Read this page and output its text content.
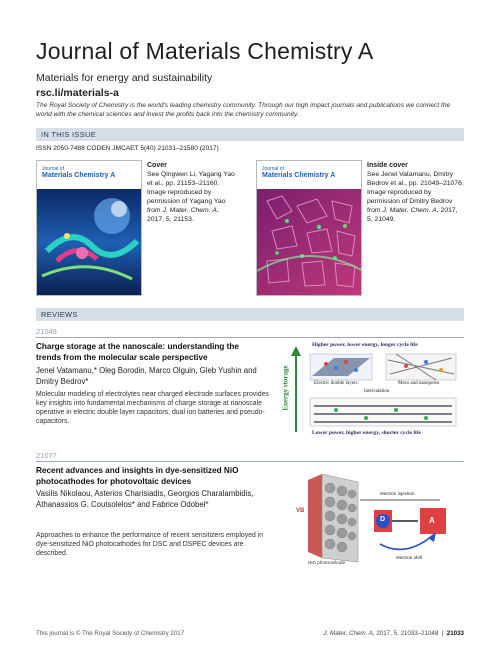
Journal of Materials Chemistry A
Materials for energy and sustainability
rsc.li/materials-a
The Royal Society of Chemistry is the world's leading chemistry community. Through our high impact journals and publications we connect the world with the chemical sciences and invest the profits back into the chemistry community.
IN THIS ISSUE
ISSN 2050-7488 CODEN JMCAET 5(40) 21031–21580 (2017)
Journal of
Materials Chemistry A
Cover
See Qingwen Li, Yagang Yao et al., pp. 21153–21160. Image reproduced by permission of Yagang Yao from J. Mater. Chem. A, 2017, 5, 21153.
Journal of
Materials Chemistry A
Inside cover
See Jenel Vatamanu, Dmitry Bedrov et al., pp. 21049–21076. Image reproduced by permission of Dmitry Bedrov from J. Mater. Chem. A, 2017, 5, 21049.
REVIEWS
21049
Charge storage at the nanoscale: understanding the trends from the molecular scale perspective
Jenel Vatamanu,* Oleg Borodin, Marco Olguin, Gleb Yushin and Dmitry Bedrov*
Molecular modeling of electrolytes near charged electrode surfaces provides key insights into fundamental mechanisms of charge storage at nanoscale operative in electric double layer capacitors, dual ion batteries and pseudo-capacitors.
Higher power, lower energy, longer cycle life
Electric double layers	Meso and nanopores
Intercalation
Lower power, higher energy, shorter cycle life
Energy storage
21077
Recent advances and insights in dye-sensitized NiO photocathodes for photovoltaic devices
Vasilis Nikolaou, Asterios Charisiadis, Georgios Charalambidis, Athanassios G. Coutsolelos* and Fabrice Odobel*
Approaches to enhance the performance of recent sensitizers employed in dye-sensitized NiO photocathodes for DSC and DSPEC devices are described.
VB
electron injection
D	A
electron shift
NiO photocathode
This journal is © The Royal Society of Chemistry 2017	J. Mater. Chem. A, 2017, 5, 21033–21048  |  21033
